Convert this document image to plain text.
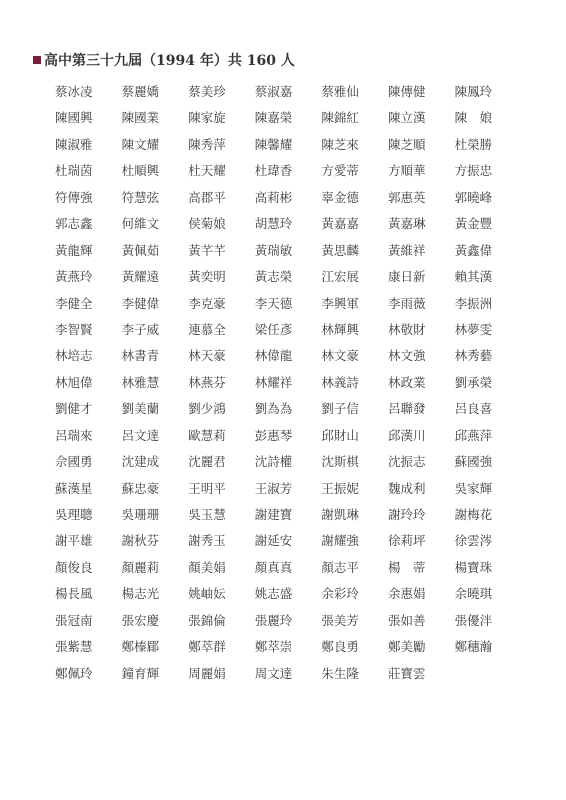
高中第三十九屆（1994 年）共 160 人
蔡冰凌	蔡麗嬌	蔡美珍	蔡淑嘉	蔡雅仙	陳傳健	陳鳳玲
陳國興	陳國業	陳家旋	陳嘉榮	陳錦紅	陳立漢	陳　娘
陳淑雅	陳文耀	陳秀萍	陳馨耀	陳芝來	陳芝順	杜榮勝
杜瑞茵	杜順興	杜天耀	杜瑋香	方愛蒂	方順華	方振忠
符傳強	符慧弦	高郡平	高莉彬	辜金德	郭惠英	郭曉峰
郭志鑫	何維文	侯菊娘	胡慧玲	黃嘉嘉	黃嘉琳	黃金豐
黃龍輝	黃佩茹	黃芊芊	黃瑞敏	黃思麟	黃維祥	黃鑫偉
黃燕玲	黃耀遠	黃奕明	黃志榮	江宏展	康日新	賴其漢
李健全	李健偉	李克豪	李天德	李興軍	李雨薇	李振洲
李智賢	李子威	連慕全	梁任彥	林輝興	林敬財	林夢雯
林培志	林書青	林天豪	林偉龍	林文豪	林文強	林秀藝
林旭偉	林雅慧	林燕芬	林耀祥	林義詩	林政業	劉承榮
劉健才	劉美蘭	劉少鴻	劉為為	劉子信	呂聯發	呂良喜
呂瑞來	呂文達	歐慧莉	彭惠琴	邱財山	邱漢川	邱燕萍
佘國勇	沈建成	沈麗君	沈詩權	沈斯棋	沈振志	蘇國強
蘇漢星	蘇忠豪	王明平	王淑芳	王振妮	魏成利	吳家輝
吳理聰	吳珊珊	吳玉慧	謝建寶	謝凱琳	謝玲玲	謝梅花
謝平雄	謝秋芬	謝秀玉	謝延安	謝耀強	徐莉坪	徐雲涔
顏俊良	顏麗莉	顏美娟	顏真真	顏志平	楊　蒂	楊寶珠
楊長風	楊志光	姚岫妘	姚志盛	余彩玲	余惠娟	余曉琪
張冠南	張宏慶	張錦倫	張麗玲	張美芳	張如善	張優泮
張紫慧	鄭榛郿	鄭萃群	鄭萃崇	鄭良勇	鄭美勵	鄭穗瀚
鄭佩玲	鐘育輝	周麗娟	周文達	朱生隆	莊寶雲
